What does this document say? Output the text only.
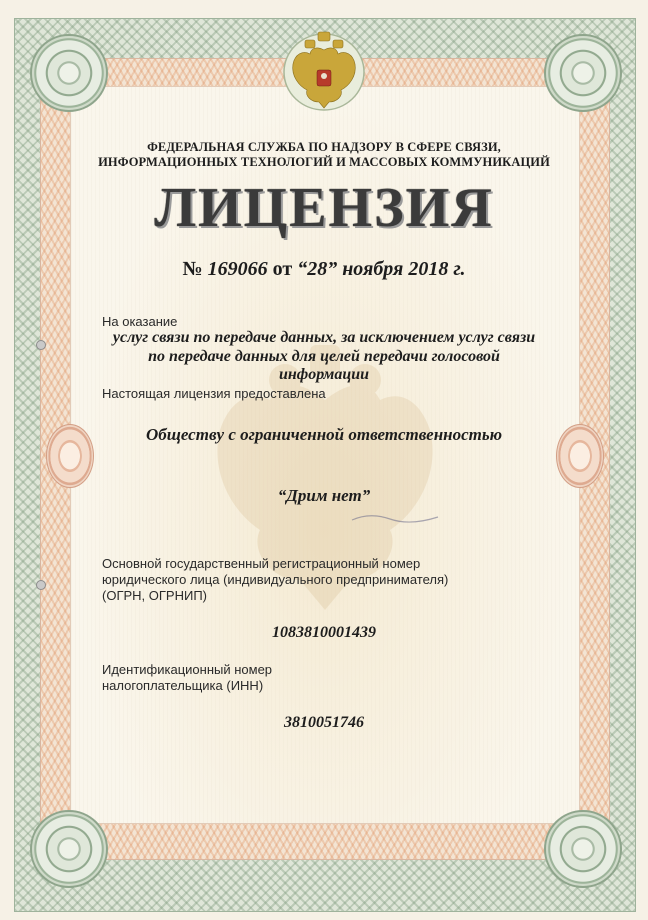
ФЕДЕРАЛЬНАЯ СЛУЖБА ПО НАДЗОРУ В СФЕРЕ СВЯЗИ,
ИНФОРМАЦИОННЫХ ТЕХНОЛОГИЙ И МАССОВЫХ КОММУНИКАЦИЙ
ЛИЦЕНЗИЯ
№ 169066 от “28” ноября 2018 г.
На оказание
услуг связи по передаче данных, за исключением услуг связи
по передаче данных для целей передачи голосовой
информации
Настоящая лицензия предоставлена
Обществу с ограниченной ответственностью
“Дрим нет”
Основной государственный регистрационный номер
юридического лица (индивидуального предпринимателя)
(ОГРН, ОГРНИП)
1083810001439
Идентификационный номер
налогоплательщика (ИНН)
3810051746
